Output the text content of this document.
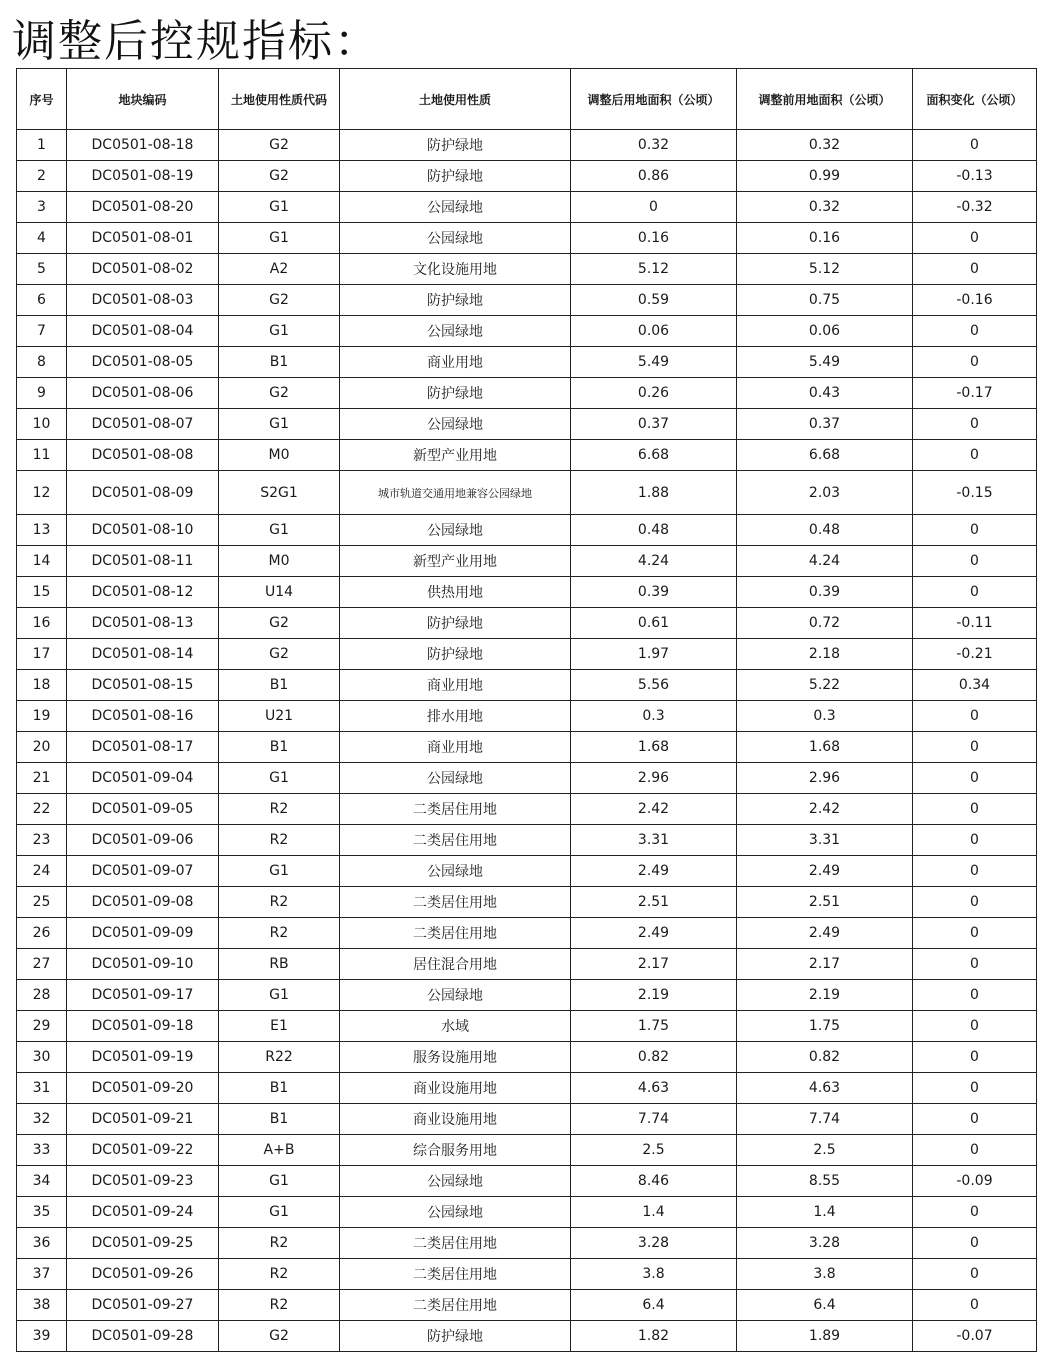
调整后控规指标：
序号	地块编码	土地使用性质代码	土地使用性质	调整后用地面积（公顷）	调整前用地面积（公顷）	面积变化（公顷）
1	DC0501-08-18	G2	防护绿地	0.32	0.32	0
2	DC0501-08-19	G2	防护绿地	0.86	0.99	-0.13
3	DC0501-08-20	G1	公园绿地	0	0.32	-0.32
4	DC0501-08-01	G1	公园绿地	0.16	0.16	0
5	DC0501-08-02	A2	文化设施用地	5.12	5.12	0
6	DC0501-08-03	G2	防护绿地	0.59	0.75	-0.16
7	DC0501-08-04	G1	公园绿地	0.06	0.06	0
8	DC0501-08-05	B1	商业用地	5.49	5.49	0
9	DC0501-08-06	G2	防护绿地	0.26	0.43	-0.17
10	DC0501-08-07	G1	公园绿地	0.37	0.37	0
11	DC0501-08-08	M0	新型产业用地	6.68	6.68	0
12	DC0501-08-09	S2G1	城市轨道交通用地兼容公园绿地	1.88	2.03	-0.15
13	DC0501-08-10	G1	公园绿地	0.48	0.48	0
14	DC0501-08-11	M0	新型产业用地	4.24	4.24	0
15	DC0501-08-12	U14	供热用地	0.39	0.39	0
16	DC0501-08-13	G2	防护绿地	0.61	0.72	-0.11
17	DC0501-08-14	G2	防护绿地	1.97	2.18	-0.21
18	DC0501-08-15	B1	商业用地	5.56	5.22	0.34
19	DC0501-08-16	U21	排水用地	0.3	0.3	0
20	DC0501-08-17	B1	商业用地	1.68	1.68	0
21	DC0501-09-04	G1	公园绿地	2.96	2.96	0
22	DC0501-09-05	R2	二类居住用地	2.42	2.42	0
23	DC0501-09-06	R2	二类居住用地	3.31	3.31	0
24	DC0501-09-07	G1	公园绿地	2.49	2.49	0
25	DC0501-09-08	R2	二类居住用地	2.51	2.51	0
26	DC0501-09-09	R2	二类居住用地	2.49	2.49	0
27	DC0501-09-10	RB	居住混合用地	2.17	2.17	0
28	DC0501-09-17	G1	公园绿地	2.19	2.19	0
29	DC0501-09-18	E1	水域	1.75	1.75	0
30	DC0501-09-19	R22	服务设施用地	0.82	0.82	0
31	DC0501-09-20	B1	商业设施用地	4.63	4.63	0
32	DC0501-09-21	B1	商业设施用地	7.74	7.74	0
33	DC0501-09-22	A+B	综合服务用地	2.5	2.5	0
34	DC0501-09-23	G1	公园绿地	8.46	8.55	-0.09
35	DC0501-09-24	G1	公园绿地	1.4	1.4	0
36	DC0501-09-25	R2	二类居住用地	3.28	3.28	0
37	DC0501-09-26	R2	二类居住用地	3.8	3.8	0
38	DC0501-09-27	R2	二类居住用地	6.4	6.4	0
39	DC0501-09-28	G2	防护绿地	1.82	1.89	-0.07
